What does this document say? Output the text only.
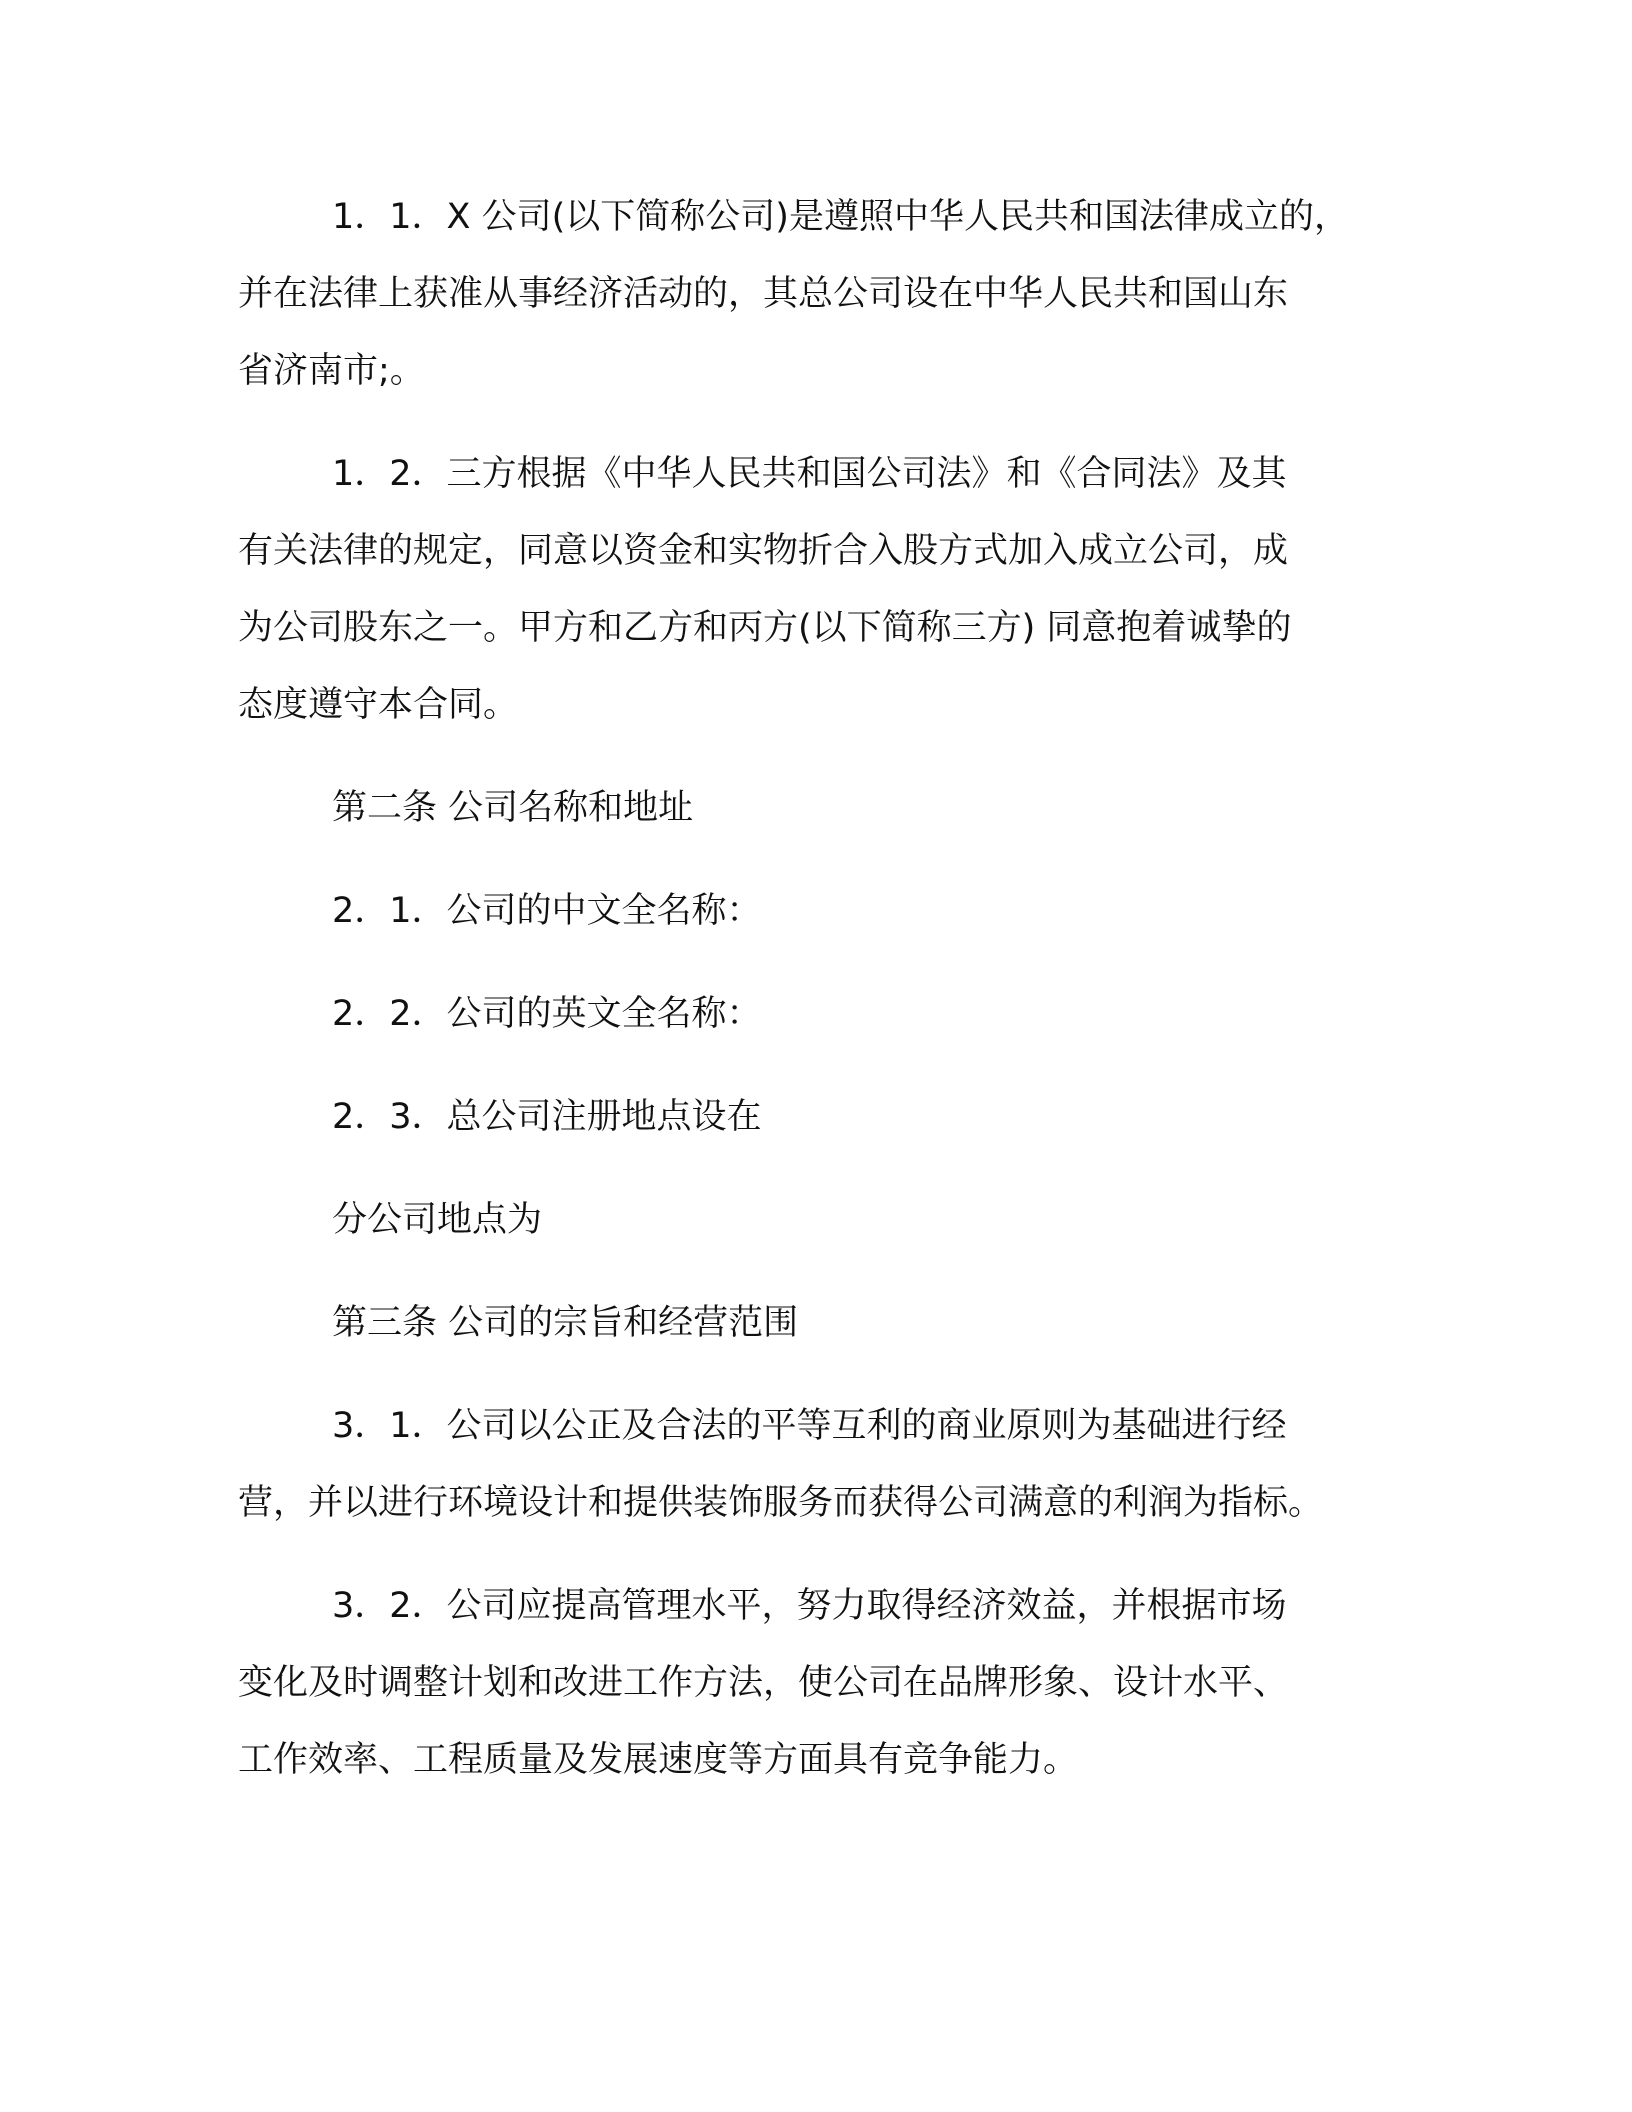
1．1．X 公司(以下简称公司)是遵照中华人民共和国法律成立的，
并在法律上获准从事经济活动的，其总公司设在中华人民共和国山东
省济南市;。
1．2．三方根据《中华人民共和国公司法》和《合同法》及其
有关法律的规定，同意以资金和实物折合入股方式加入成立公司，成
为公司股东之一。甲方和乙方和丙方(以下简称三方) 同意抱着诚挚的
态度遵守本合同。
第二条 公司名称和地址
2．1．公司的中文全名称：
2．2．公司的英文全名称：
2．3．总公司注册地点设在
分公司地点为
第三条 公司的宗旨和经营范围
3．1．公司以公正及合法的平等互利的商业原则为基础进行经
营，并以进行环境设计和提供装饰服务而获得公司满意的利润为指标。
3．2．公司应提高管理水平，努力取得经济效益，并根据市场
变化及时调整计划和改进工作方法，使公司在品牌形象、设计水平、
工作效率、工程质量及发展速度等方面具有竞争能力。
